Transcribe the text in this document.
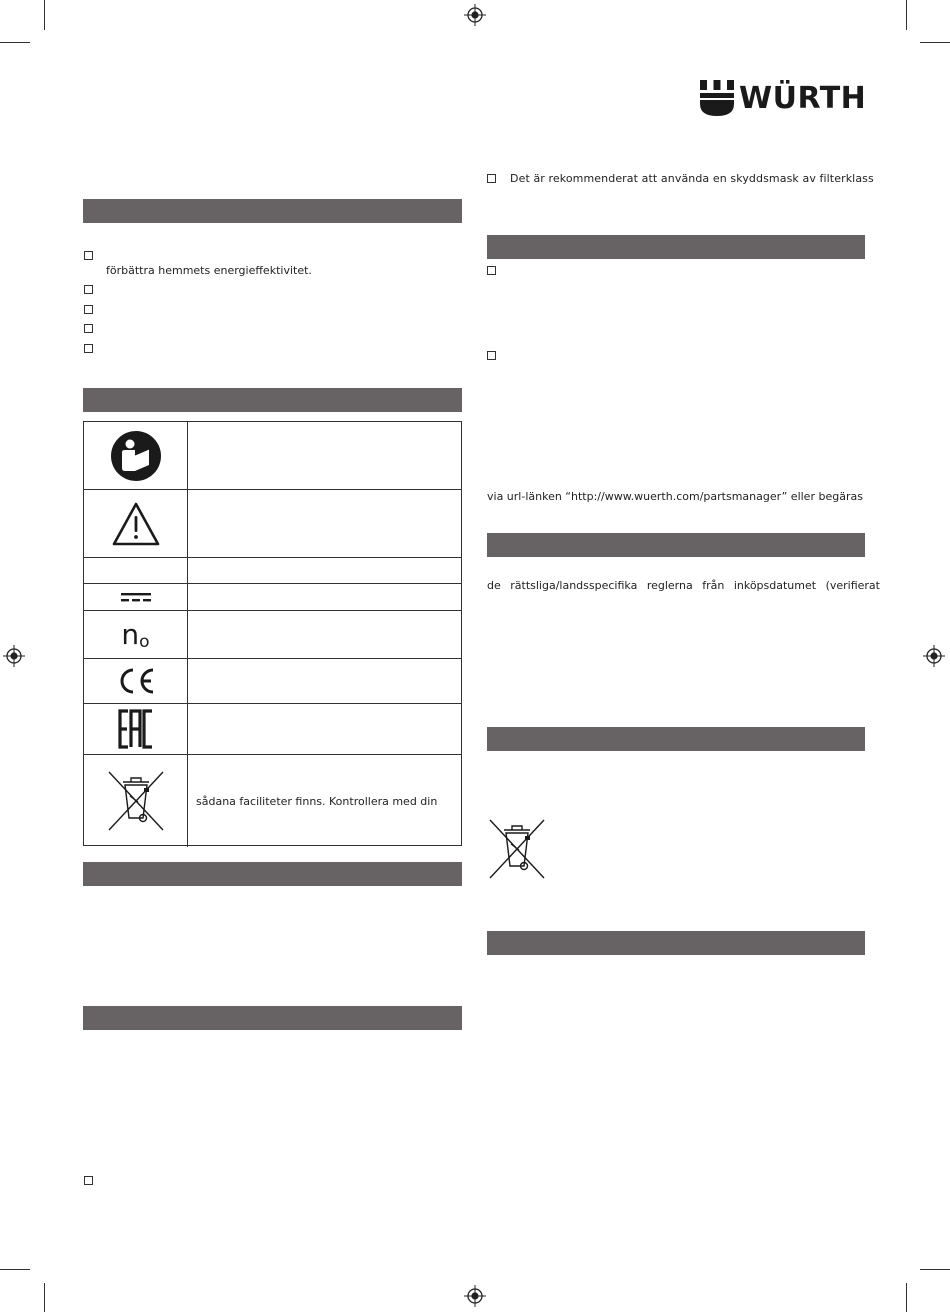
WÜRTH
förbättra hemmets energieffektivitet.
n o
sådana faciliteter finns. Kontrollera med din
Det är rekommenderat att använda en skyddsmask av filterklass
via url-länken “http://www.wuerth.com/partsmanager” eller begäras
de rättsliga/landsspecifika reglerna från inköpsdatumet (verifierat
